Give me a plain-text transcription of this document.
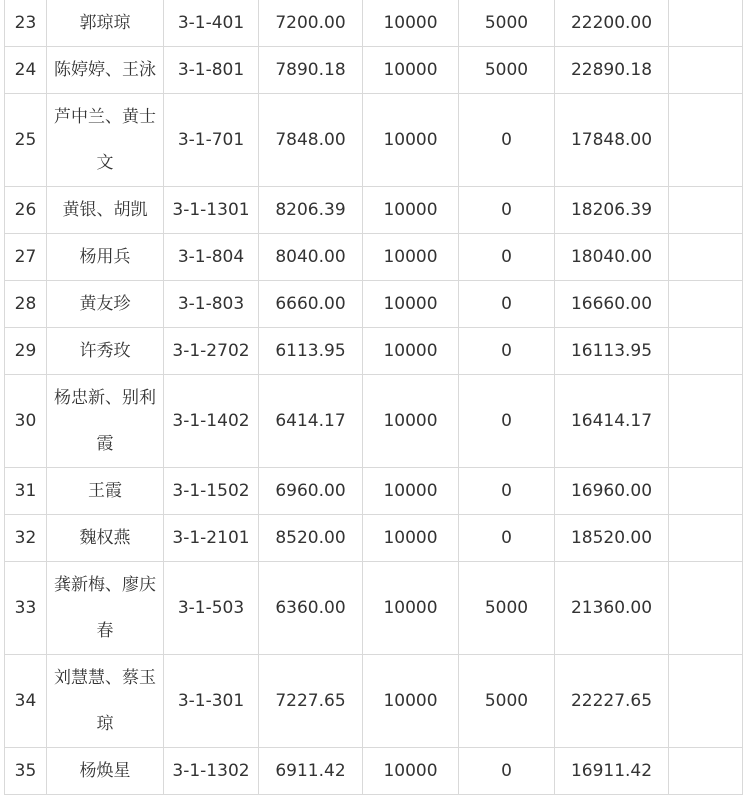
23	郭琼琼	3-1-401	7200.00	10000	5000	22200.00	
24	陈婷婷、王泳	3-1-801	7890.18	10000	5000	22890.18	
25	芦中兰、黄士文	3-1-701	7848.00	10000	0	17848.00	
26	黄银、胡凯	3-1-1301	8206.39	10000	0	18206.39	
27	杨用兵	3-1-804	8040.00	10000	0	18040.00	
28	黄友珍	3-1-803	6660.00	10000	0	16660.00	
29	许秀玫	3-1-2702	6113.95	10000	0	16113.95	
30	杨忠新、别利霞	3-1-1402	6414.17	10000	0	16414.17	
31	王霞	3-1-1502	6960.00	10000	0	16960.00	
32	魏权燕	3-1-2101	8520.00	10000	0	18520.00	
33	龚新梅、廖庆春	3-1-503	6360.00	10000	5000	21360.00	
34	刘慧慧、蔡玉琼	3-1-301	7227.65	10000	5000	22227.65	
35	杨焕星	3-1-1302	6911.42	10000	0	16911.42	
